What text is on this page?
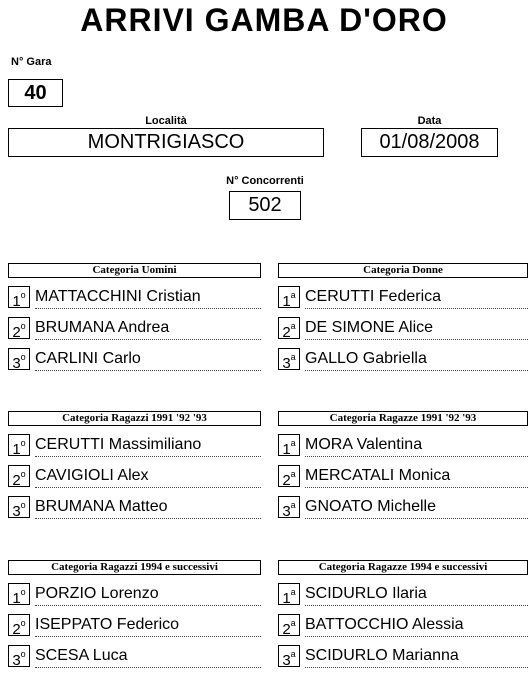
ARRIVI GAMBA D'ORO
N° Gara
40
Località
MONTRIGIASCO
Data
01/08/2008
N° Concorrenti
502
Categoria Uomini
1$^o$ MATTACCHINI Cristian
2$^o$ BRUMANA Andrea
3$^o$ CARLINI Carlo
Categoria Donne
1$^a$ CERUTTI Federica
2$^a$ DE SIMONE Alice
3$^a$ GALLO Gabriella
Categoria Ragazzi 1991 '92 '93
1$^o$ CERUTTI Massimiliano
2$^o$ CAVIGIOLI Alex
3$^o$ BRUMANA Matteo
Categoria Ragazze 1991 '92 '93
1$^a$ MORA Valentina
2$^a$ MERCATALI Monica
3$^a$ GNOATO Michelle
Categoria Ragazzi 1994 e successivi
1$^o$ PORZIO Lorenzo
2$^o$ ISEPPATO Federico
3$^o$ SCESA Luca
Categoria Ragazze 1994 e successivi
1$^a$ SCIDURLO Ilaria
2$^a$ BATTOCCHIO Alessia
3$^a$ SCIDURLO Marianna
